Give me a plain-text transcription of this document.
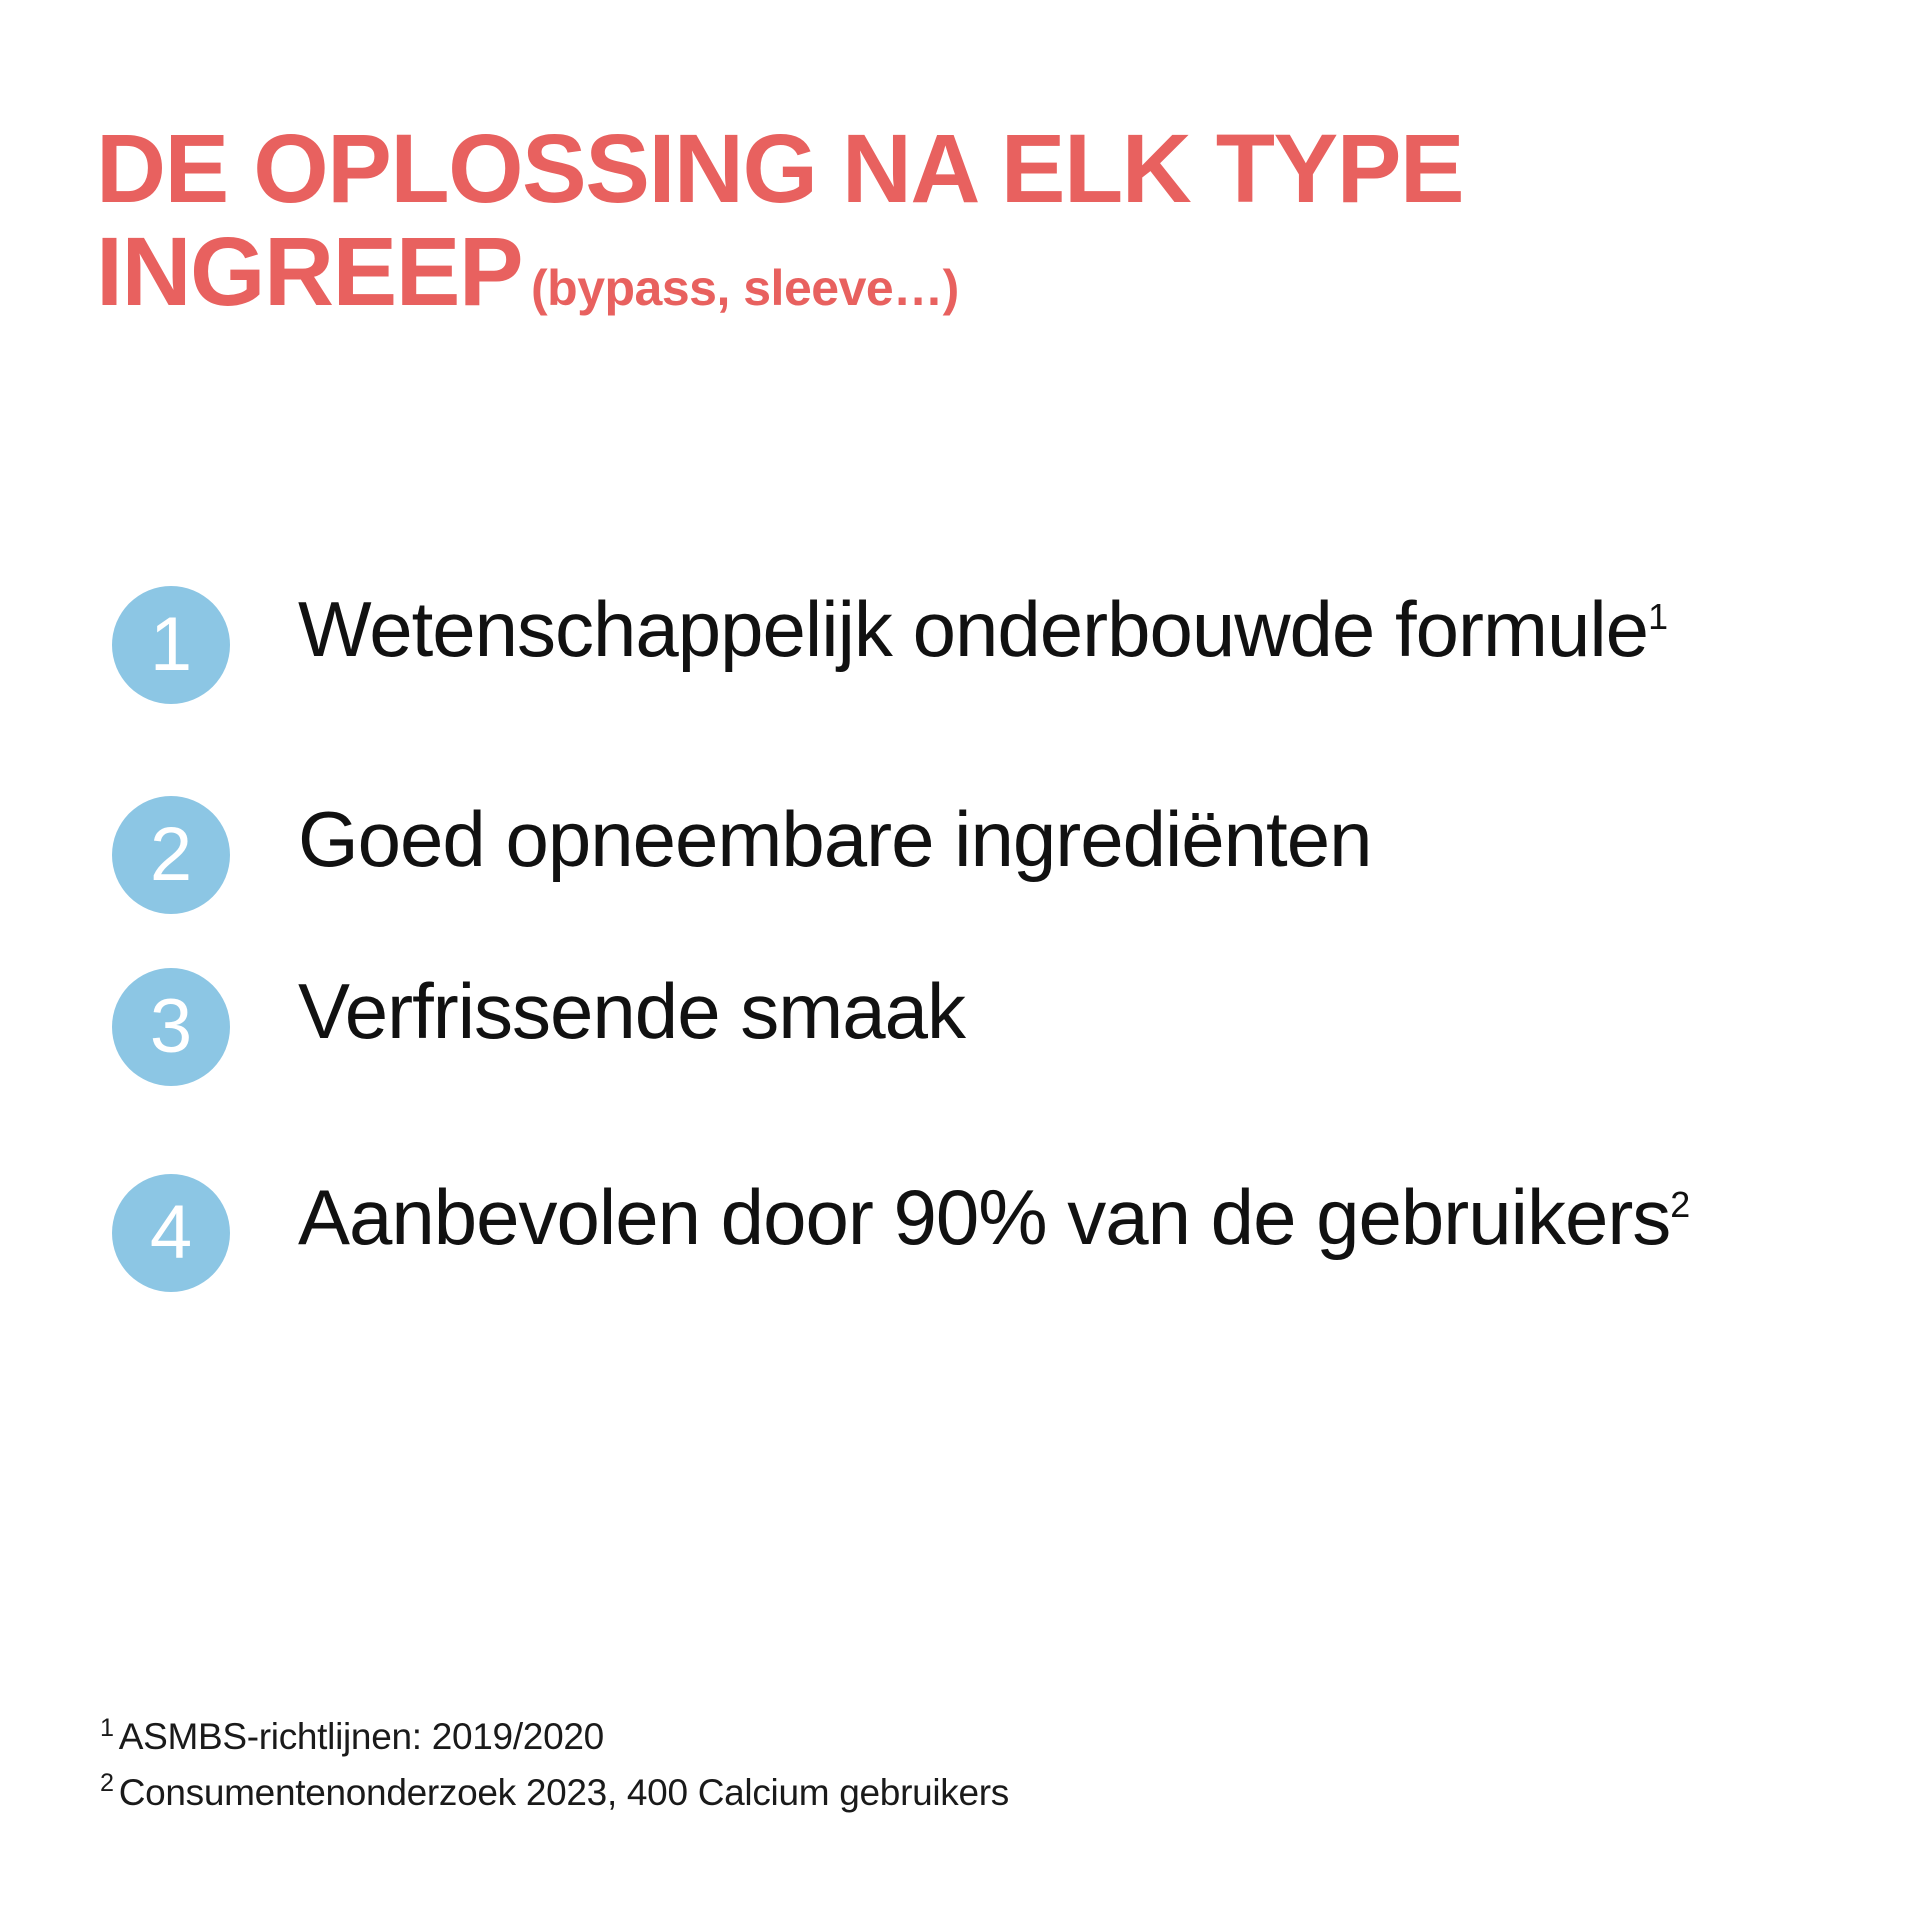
DE OPLOSSING NA ELK TYPE INGREEP (bypass, sleeve…)
1	Wetenschappelijk onderbouwde formule$^1$
2	Goed opneembare ingrediënten
3	Verfrissende smaak
4	Aanbevolen door 90% van de gebruikers$^2$
$^1$ ASMBS-richtlijnen: 2019/2020
$^2$ Consumentenonderzoek 2023, 400 Calcium gebruikers
